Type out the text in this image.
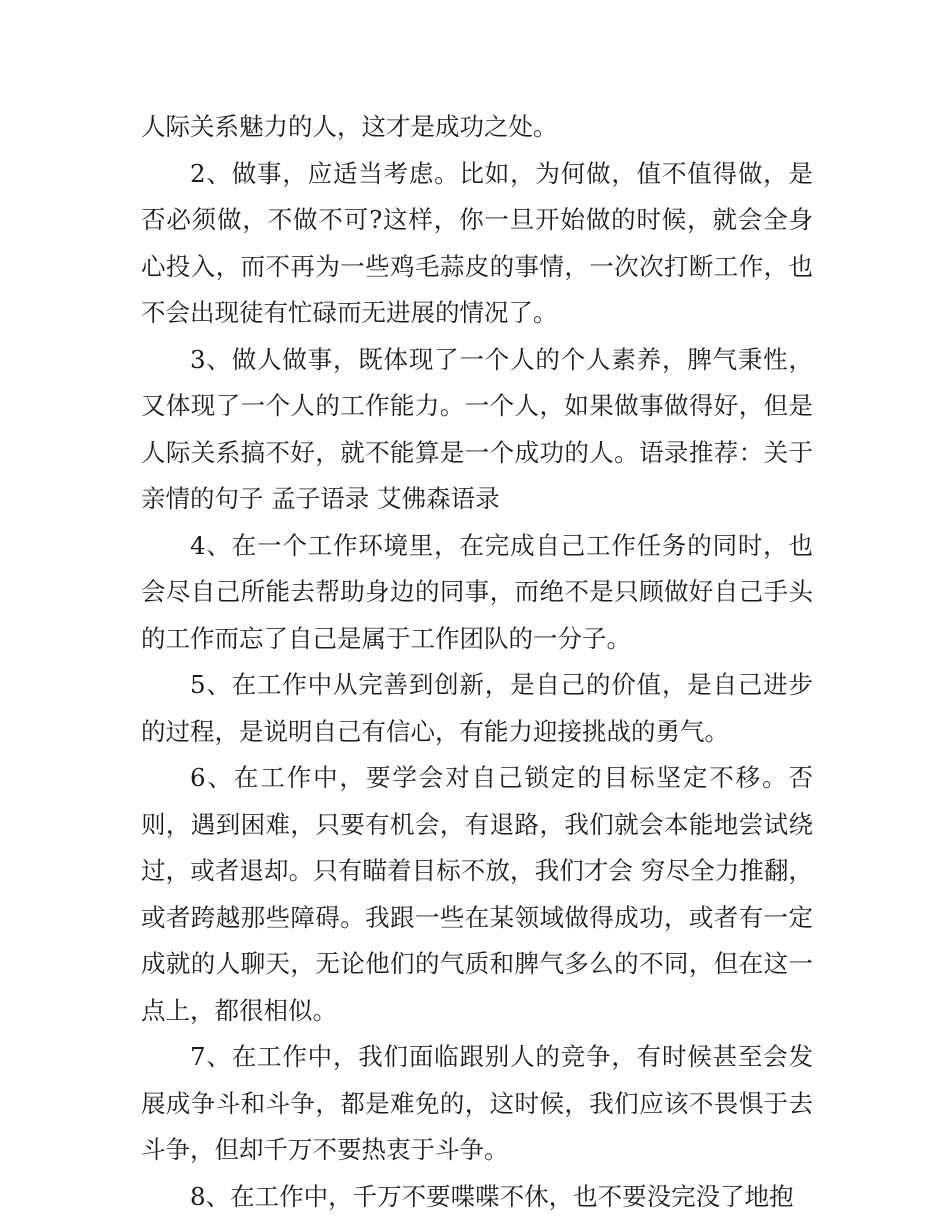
人际关系魅力的人，这才是成功之处。

2、做事，应适当考虑。比如，为何做，值不值得做，是否必须做，不做不可?这样，你一旦开始做的时候，就会全身心投入，而不再为一些鸡毛蒜皮的事情，一次次打断工作，也不会出现徒有忙碌而无进展的情况了。

3、做人做事，既体现了一个人的个人素养，脾气秉性，又体现了一个人的工作能力。一个人，如果做事做得好，但是人际关系搞不好，就不能算是一个成功的人。语录推荐：关于亲情的句子 孟子语录 艾佛森语录

4、在一个工作环境里，在完成自己工作任务的同时，也会尽自己所能去帮助身边的同事，而绝不是只顾做好自己手头的工作而忘了自己是属于工作团队的一分子。

5、在工作中从完善到创新，是自己的价值，是自己进步的过程，是说明自己有信心，有能力迎接挑战的勇气。

6、在工作中，要学会对自己锁定的目标坚定不移。否则，遇到困难，只要有机会，有退路，我们就会本能地尝试绕过，或者退却。只有瞄着目标不放，我们才会 穷尽全力推翻，或者跨越那些障碍。我跟一些在某领域做得成功，或者有一定成就的人聊天，无论他们的气质和脾气多么的不同，但在这一点上，都很相似。

7、在工作中，我们面临跟别人的竞争，有时候甚至会发展成争斗和斗争，都是难免的，这时候，我们应该不畏惧于去斗争，但却千万不要热衷于斗争。

8、在工作中，千万不要喋喋不休，也不要没完没了地抱
